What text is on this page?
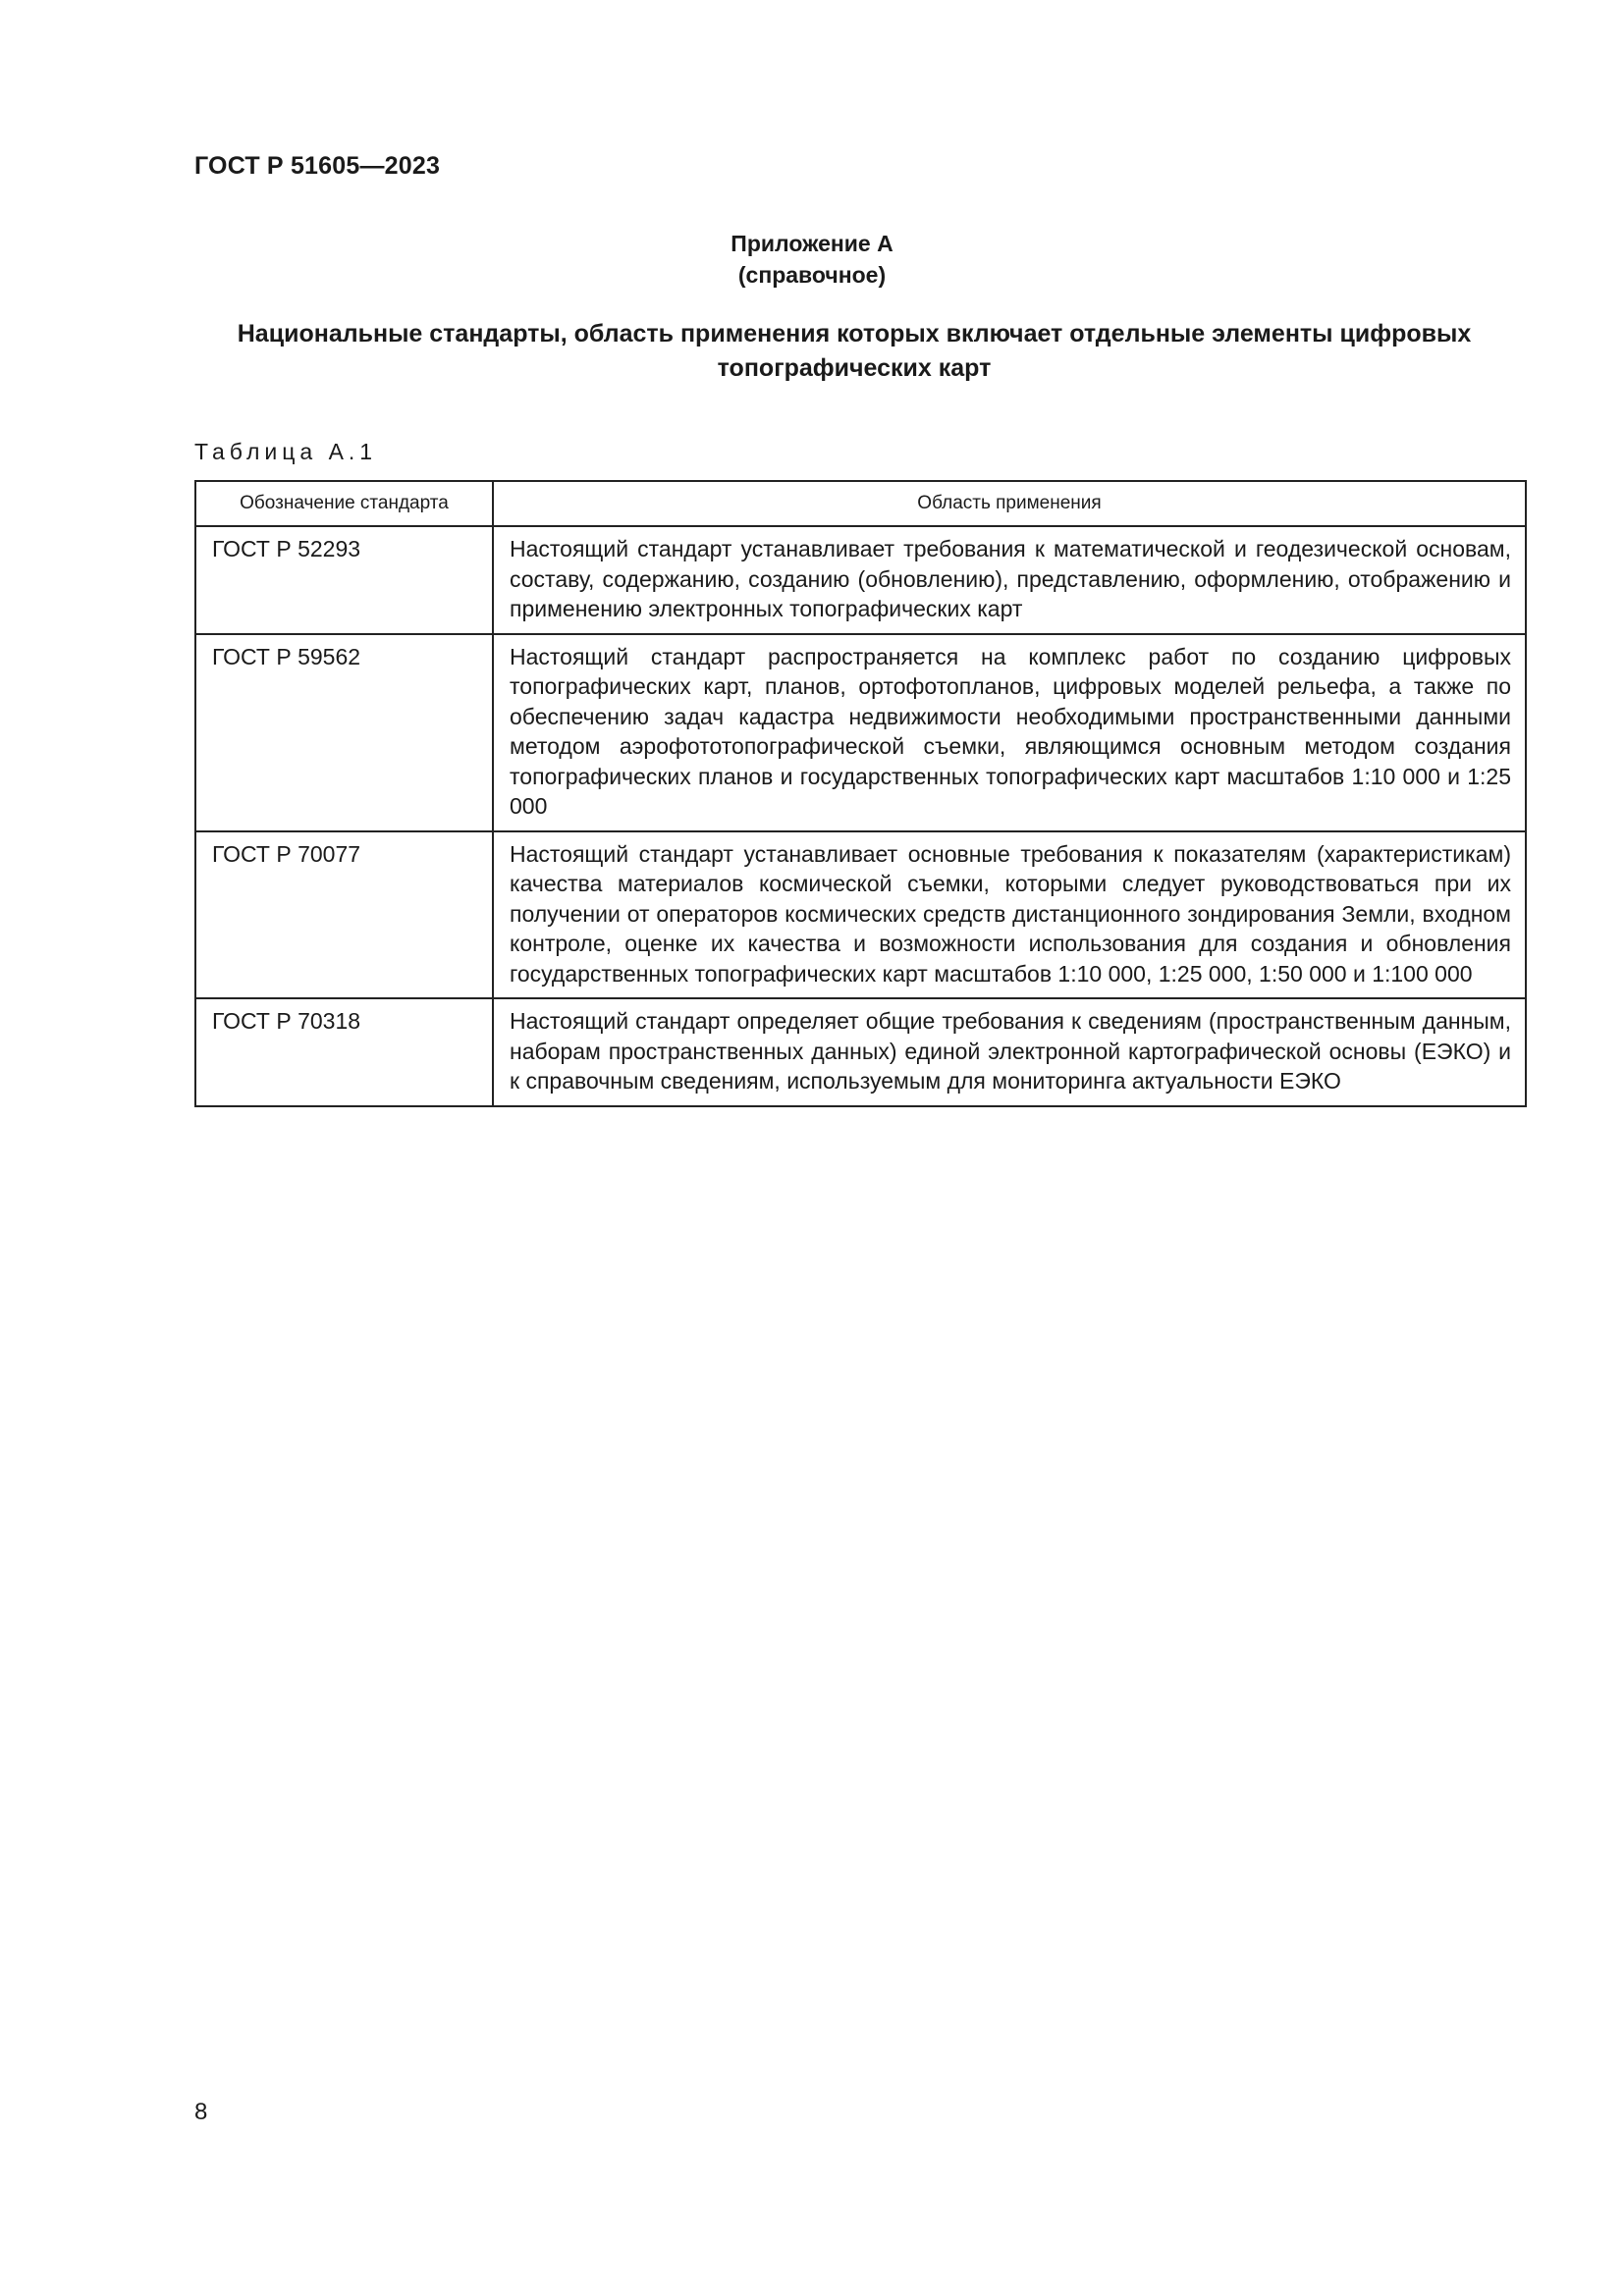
ГОСТ Р 51605—2023
Приложение А
(справочное)
Национальные стандарты, область применения которых включает отдельные элементы цифровых топографических карт
Таблица А.1
Обозначение стандарта	Область применения
ГОСТ Р 52293	Настоящий стандарт устанавливает требования к математической и геодезической основам, составу, содержанию, созданию (обновлению), представлению, оформлению, отображению и применению электронных топографических карт
ГОСТ Р 59562	Настоящий стандарт распространяется на комплекс работ по созданию цифровых топографических карт, планов, ортофотопланов, цифровых моделей рельефа, а также по обеспечению задач кадастра недвижимости необходимыми пространственными данными методом аэрофототопографической съемки, являющимся основным методом создания топографических планов и государственных топографических карт масштабов 1:10 000 и 1:25 000
ГОСТ Р 70077	Настоящий стандарт устанавливает основные требования к показателям (характеристикам) качества материалов космической съемки, которыми следует руководствоваться при их получении от операторов космических средств дистанционного зондирования Земли, входном контроле, оценке их качества и возможности использования для создания и обновления государственных топографических карт масштабов 1:10 000, 1:25 000, 1:50 000 и 1:100 000
ГОСТ Р 70318	Настоящий стандарт определяет общие требования к сведениям (пространственным данным, наборам пространственных данных) единой электронной картографической основы (ЕЭКО) и к справочным сведениям, используемым для мониторинга актуальности ЕЭКО
8
